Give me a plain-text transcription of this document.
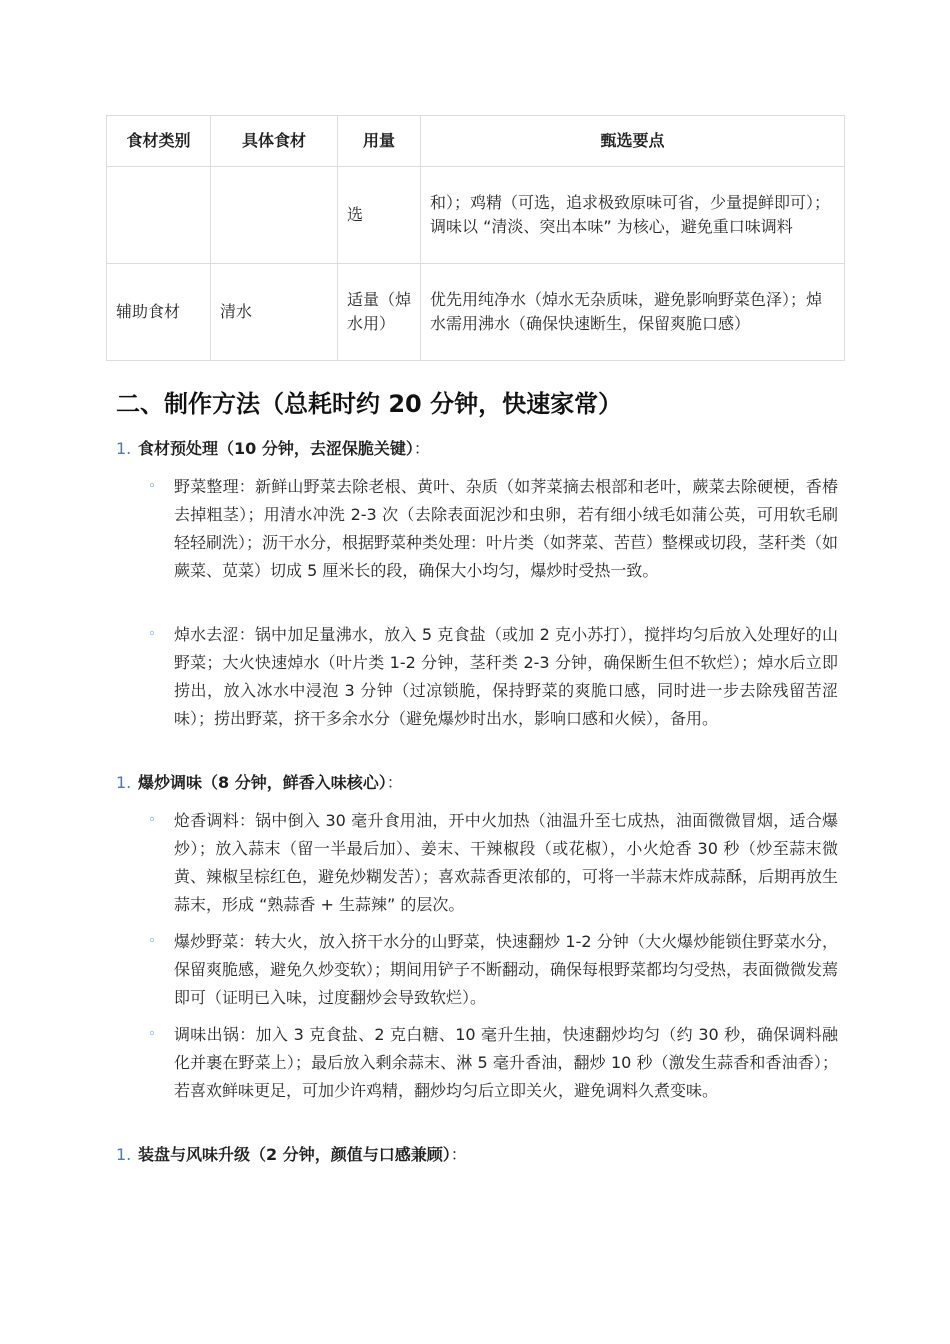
食材类别	具体食材	用量	甄选要点
		选	和）；鸡精（可选，追求极致原味可省，少量提鲜即可）；调味以 “清淡、突出本味” 为核心，避免重口味调料
辅助食材	清水	适量（焯水用）	优先用纯净水（焯水无杂质味，避免影响野菜色泽）；焯水需用沸水（确保快速断生，保留爽脆口感）
二、制作方法（总耗时约 20 分钟，快速家常）
1. 食材预处理（10 分钟，去涩保脆关键）：
◦ 野菜整理：新鲜山野菜去除老根、黄叶、杂质（如荠菜摘去根部和老叶，蕨菜去除硬梗，香椿去掉粗茎）；用清水冲洗 2-3 次（去除表面泥沙和虫卵，若有细小绒毛如蒲公英，可用软毛刷轻轻刷洗）；沥干水分，根据野菜种类处理：叶片类（如荠菜、苦苣）整棵或切段，茎秆类（如蕨菜、苋菜）切成 5 厘米长的段，确保大小均匀，爆炒时受热一致。
◦ 焯水去涩：锅中加足量沸水，放入 5 克食盐（或加 2 克小苏打），搅拌均匀后放入处理好的山野菜；大火快速焯水（叶片类 1-2 分钟，茎秆类 2-3 分钟，确保断生但不软烂）；焯水后立即捞出，放入冰水中浸泡 3 分钟（过凉锁脆，保持野菜的爽脆口感，同时进一步去除残留苦涩味）；捞出野菜，挤干多余水分（避免爆炒时出水，影响口感和火候），备用。
1. 爆炒调味（8 分钟，鲜香入味核心）：
◦ 炝香调料：锅中倒入 30 毫升食用油，开中火加热（油温升至七成热，油面微微冒烟，适合爆炒）；放入蒜末（留一半最后加）、姜末、干辣椒段（或花椒），小火炝香 30 秒（炒至蒜末微黄、辣椒呈棕红色，避免炒糊发苦）；喜欢蒜香更浓郁的，可将一半蒜末炸成蒜酥，后期再放生蒜末，形成 “熟蒜香 + 生蒜辣” 的层次。
◦ 爆炒野菜：转大火，放入挤干水分的山野菜，快速翻炒 1-2 分钟（大火爆炒能锁住野菜水分，保留爽脆感，避免久炒变软）；期间用铲子不断翻动，确保每根野菜都均匀受热，表面微微发蔫即可（证明已入味，过度翻炒会导致软烂）。
◦ 调味出锅：加入 3 克食盐、2 克白糖、10 毫升生抽，快速翻炒均匀（约 30 秒，确保调料融化并裹在野菜上）；最后放入剩余蒜末、淋 5 毫升香油，翻炒 10 秒（激发生蒜香和香油香）；若喜欢鲜味更足，可加少许鸡精，翻炒均匀后立即关火，避免调料久煮变味。
1. 装盘与风味升级（2 分钟，颜值与口感兼顾）：
